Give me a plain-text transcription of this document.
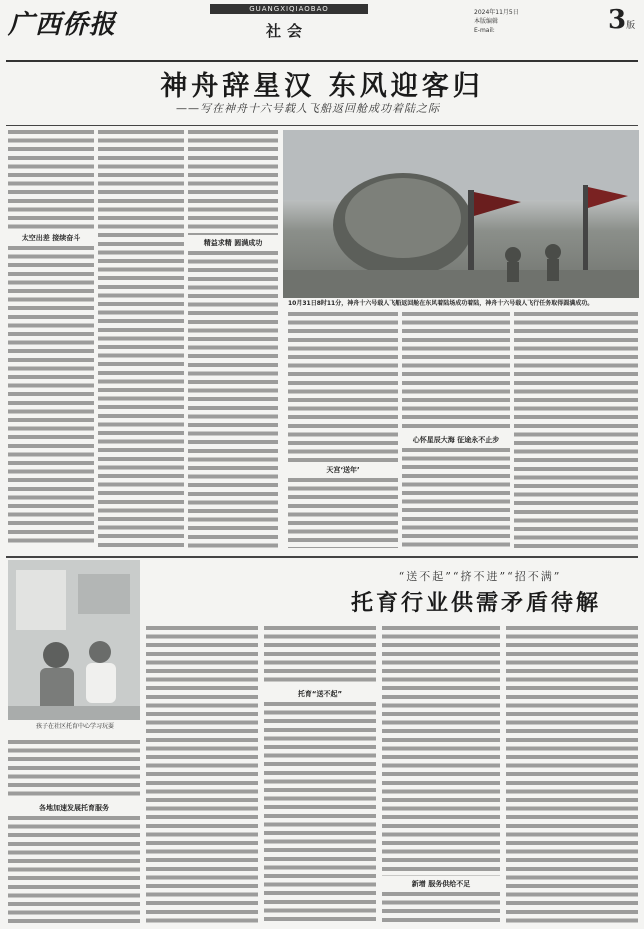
广西侨报
GUANGXIQIAOBAO
社会
2024年11月5日
本版编辑
E-mail:	3版
神舟辞星汉 东风迎客归
——写在神舟十六号载人飞船返回舱成功着陆之际
太空出差 接续奋斗
精益求精 圆满成功
10月31日8时11分，神舟十六号载人飞船返回舱在东风着陆场成功着陆，神舟十六号载人飞行任务取得圆满成功。
天宫‘送年’
心怀星辰大海 征途永不止步
“送不起”“挤不进”“招不满”
托育行业供需矛盾待解
孩子在社区托育中心学习玩耍
各地加速发展托育服务
托育“送不起”
新增 服务供给不足
